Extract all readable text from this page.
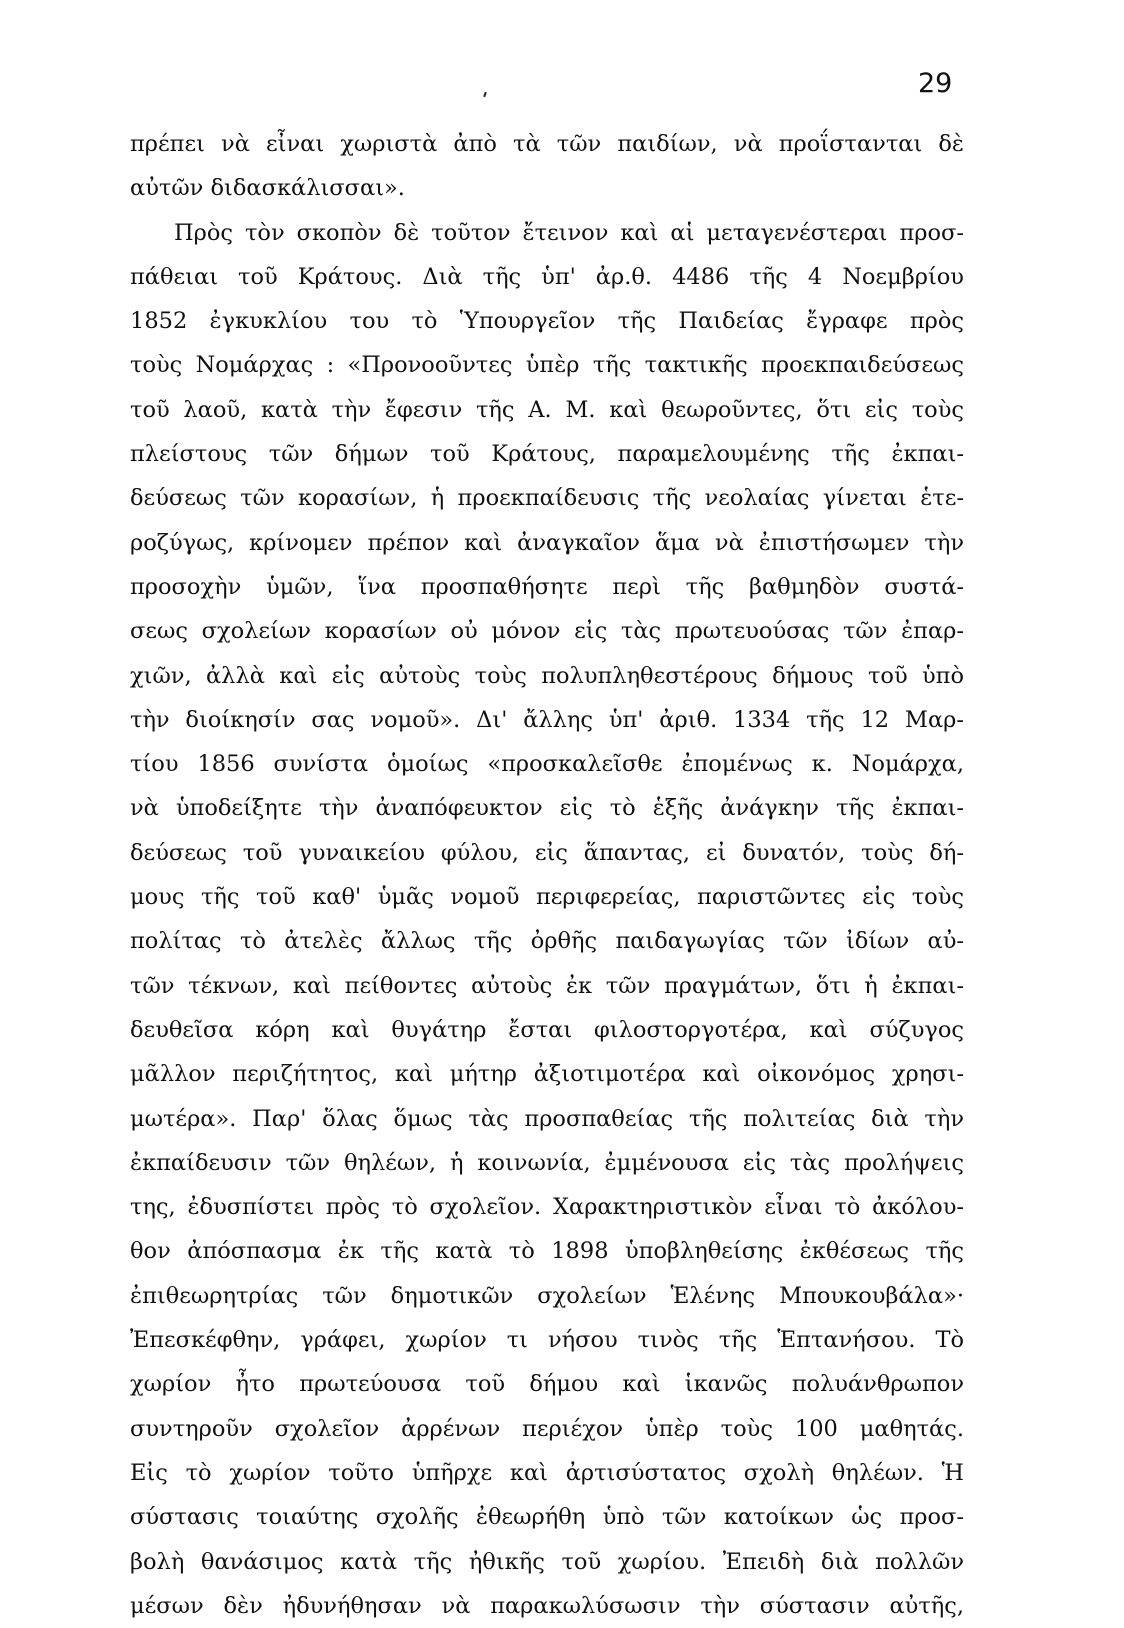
29
πρέπει νὰ εἶναι χωριστὰ ἀπὸ τὰ τῶν παιδίων, νὰ προΐστανται δὲ
αὐτῶν διδασκάλισσαι».
Πρὸς τὸν σκοπὸν δὲ τοῦτον ἔτεινον καὶ αἱ μεταγενέστεραι προσ-
πάθειαι τοῦ Κράτους. Διὰ τῆς ὑπ' ἀρ.θ. 4486 τῆς 4 Νοεμβρίου
1852 ἐγκυκλίου του τὸ Ὑπουργεῖον τῆς Παιδείας ἔγραφε πρὸς
τοὺς Νομάρχας : «Προνοοῦντες ὑπὲρ τῆς τακτικῆς προεκπαιδεύσεως
τοῦ λαοῦ, κατὰ τὴν ἔφεσιν τῆς Α. Μ. καὶ θεωροῦντες, ὅτι εἰς τοὺς
πλείστους τῶν δήμων τοῦ Κράτους, παραμελουμένης τῆς ἐκπαι-
δεύσεως τῶν κορασίων, ἡ προεκπαίδευσις τῆς νεολαίας γίνεται ἑτε-
ροζύγως, κρίνομεν πρέπον καὶ ἀναγκαῖον ἅμα νὰ ἐπιστήσωμεν τὴν
προσοχὴν ὑμῶν, ἵνα προσπαθήσητε περὶ τῆς βαθμηδὸν συστά-
σεως σχολείων κορασίων οὐ μόνον εἰς τὰς πρωτευούσας τῶν ἐπαρ-
χιῶν, ἀλλὰ καὶ εἰς αὐτοὺς τοὺς πολυπληθεστέρους δήμους τοῦ ὑπὸ
τὴν διοίκησίν σας νομοῦ». Δι' ἄλλης ὑπ' ἀριθ. 1334 τῆς 12 Μαρ-
τίου 1856 συνίστα ὁμοίως «προσκαλεῖσθε ἐπομένως κ. Νομάρχα,
νὰ ὑποδείξητε τὴν ἀναπόφευκτον εἰς τὸ ἑξῆς ἀνάγκην τῆς ἐκπαι-
δεύσεως τοῦ γυναικείου φύλου, εἰς ἅπαντας, εἰ δυνατόν, τοὺς δή-
μους τῆς τοῦ καθ' ὑμᾶς νομοῦ περιφερείας, παριστῶντες εἰς τοὺς
πολίτας τὸ ἀτελὲς ἄλλως τῆς ὀρθῆς παιδαγωγίας τῶν ἰδίων αὐ-
τῶν τέκνων, καὶ πείθοντες αὐτοὺς ἐκ τῶν πραγμάτων, ὅτι ἡ ἐκπαι-
δευθεῖσα κόρη καὶ θυγάτηρ ἔσται φιλοστοργοτέρα, καὶ σύζυγος
μᾶλλον περιζήτητος, καὶ μήτηρ ἀξιοτιμοτέρα καὶ οἰκονόμος χρησι-
μωτέρα». Παρ' ὅλας ὅμως τὰς προσπαθείας τῆς πολιτείας διὰ τὴν
ἐκπαίδευσιν τῶν θηλέων, ἡ κοινωνία, ἐμμένουσα εἰς τὰς προλήψεις
της, ἐδυσπίστει πρὸς τὸ σχολεῖον. Χαρακτηριστικὸν εἶναι τὸ ἀκόλου-
θον ἀπόσπασμα ἐκ τῆς κατὰ τὸ 1898 ὑποβληθείσης ἐκθέσεως τῆς
ἐπιθεωρητρίας τῶν δημοτικῶν σχολείων Ἑλένης Μπουκουβάλα»·
Ἐπεσκέφθην, γράφει, χωρίον τι νήσου τινὸς τῆς Ἑπτανήσου. Τὸ
χωρίον ἦτο πρωτεύουσα τοῦ δήμου καὶ ἱκανῶς πολυάνθρωπον
συντηροῦν σχολεῖον ἀρρένων περιέχον ὑπὲρ τοὺς 100 μαθητάς.
Εἰς τὸ χωρίον τοῦτο ὑπῆρχε καὶ ἀρτισύστατος σχολὴ θηλέων. Ἡ
σύστασις τοιαύτης σχολῆς ἐθεωρήθη ὑπὸ τῶν κατοίκων ὡς προσ-
βολὴ θανάσιμος κατὰ τῆς ἠθικῆς τοῦ χωρίου. Ἐπειδὴ διὰ πολλῶν
μέσων δὲν ἠδυνήθησαν νὰ παρακωλύσωσιν τὴν σύστασιν αὐτῆς,
